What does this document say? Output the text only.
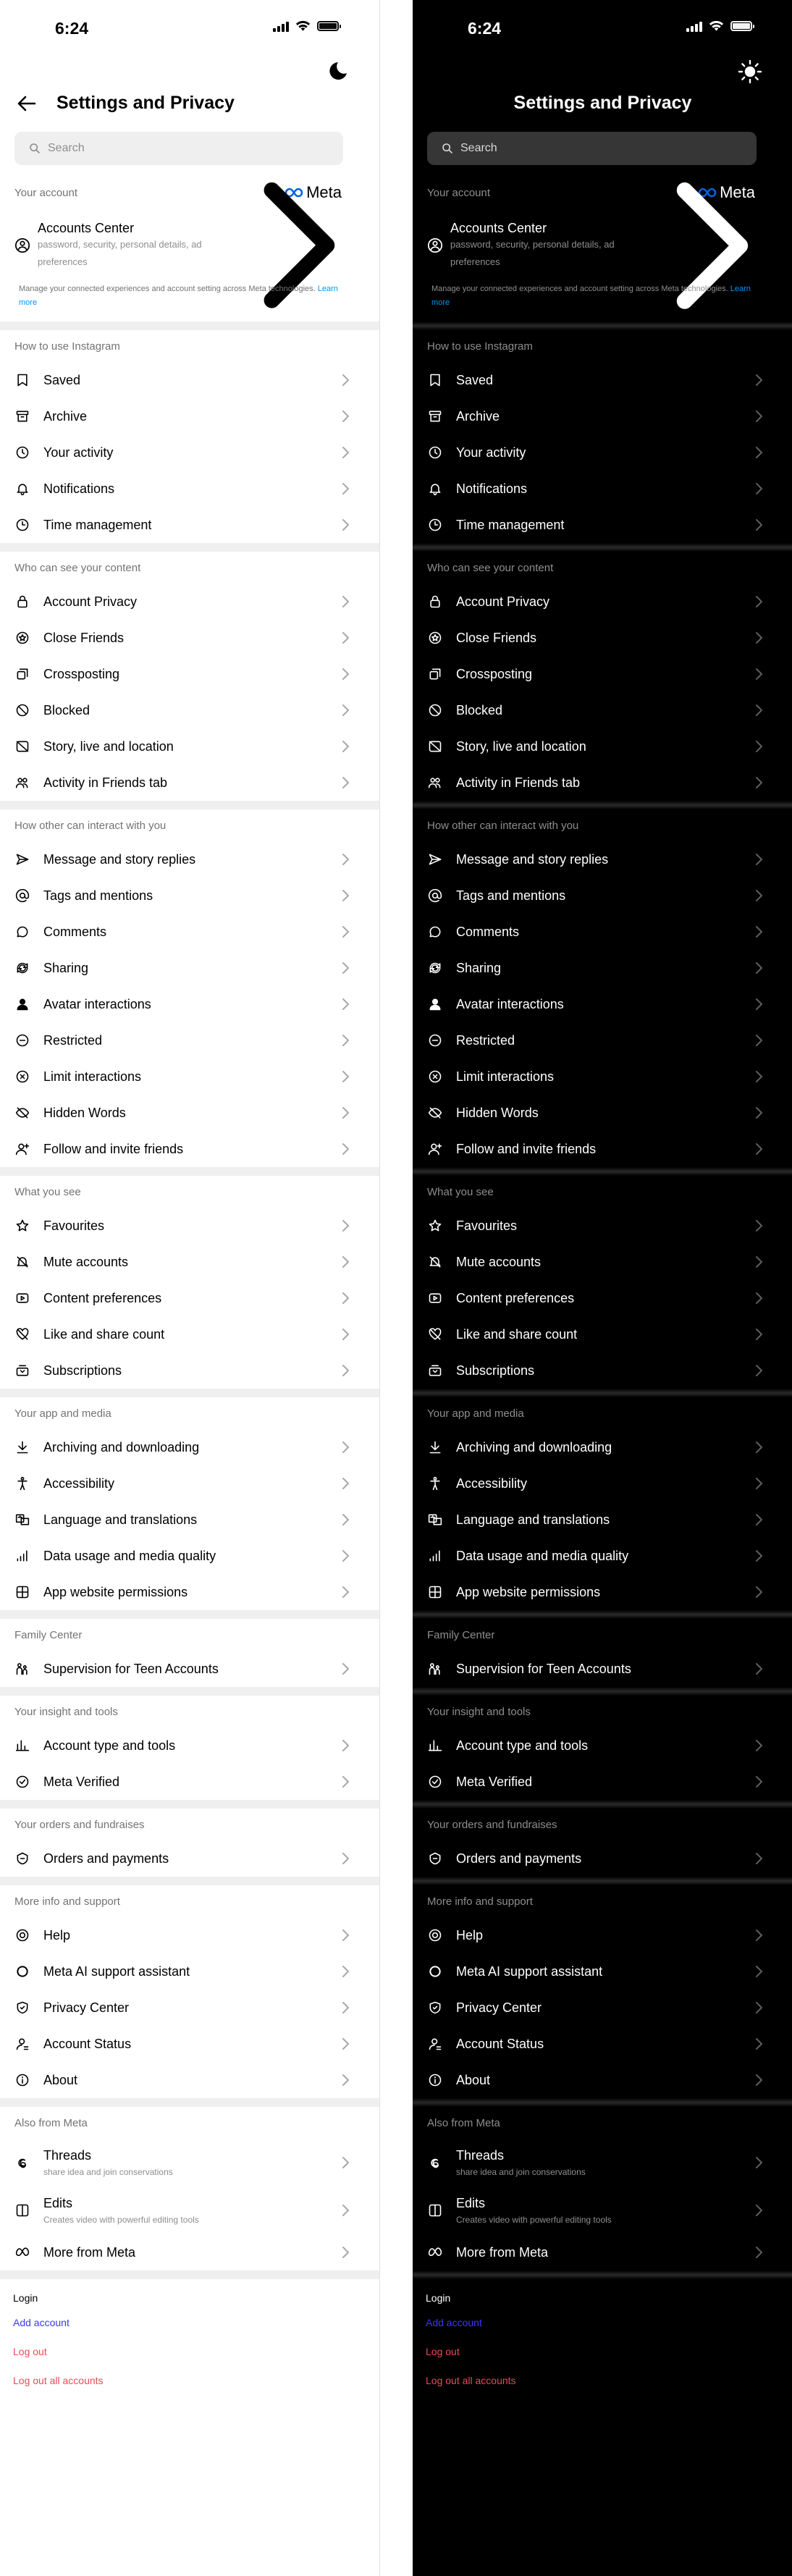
6:24
Settings and Privacy
Search
Your account	Meta
Accounts Center
password, security, personal details, ad preferences
Manage your connected experiences and account setting across Meta technologies. Learn more
How to use Instagram
Saved
Archive
Your activity
Notifications
Time management
Who can see your content
Account Privacy
Close Friends
Crossposting
Blocked
Story, live and location
Activity in Friends tab
How other can interact with you
Message and story replies
Tags and mentions
Comments
Sharing
Avatar interactions
Restricted
Limit interactions
Hidden Words
Follow and invite friends
What you see
Favourites
Mute accounts
Content preferences
Like and share count
Subscriptions
Your app and media
Archiving and downloading
Accessibility
Language and translations
Data usage and media quality
App website permissions
Family Center
Supervision for Teen Accounts
Your insight and tools
Account type and tools
Meta Verified
Your orders and fundraises
Orders and payments
More info and support
Help
Meta AI support assistant
Privacy Center
Account Status
About
Also from Meta
Threads
share idea and join conservations
Edits
Creates video with powerful editing tools
More from Meta
Login
Add account
Log out
Log out all accounts
6:24
Settings and Privacy
Search
Your account	Meta
Accounts Center
password, security, personal details, ad preferences
Manage your connected experiences and account setting across Meta technologies. Learn more
How to use Instagram
Saved
Archive
Your activity
Notifications
Time management
Who can see your content
Account Privacy
Close Friends
Crossposting
Blocked
Story, live and location
Activity in Friends tab
How other can interact with you
Message and story replies
Tags and mentions
Comments
Sharing
Avatar interactions
Restricted
Limit interactions
Hidden Words
Follow and invite friends
What you see
Favourites
Mute accounts
Content preferences
Like and share count
Subscriptions
Your app and media
Archiving and downloading
Accessibility
Language and translations
Data usage and media quality
App website permissions
Family Center
Supervision for Teen Accounts
Your insight and tools
Account type and tools
Meta Verified
Your orders and fundraises
Orders and payments
More info and support
Help
Meta AI support assistant
Privacy Center
Account Status
About
Also from Meta
Threads
share idea and join conservations
Edits
Creates video with powerful editing tools
More from Meta
Login
Add account
Log out
Log out all accounts
